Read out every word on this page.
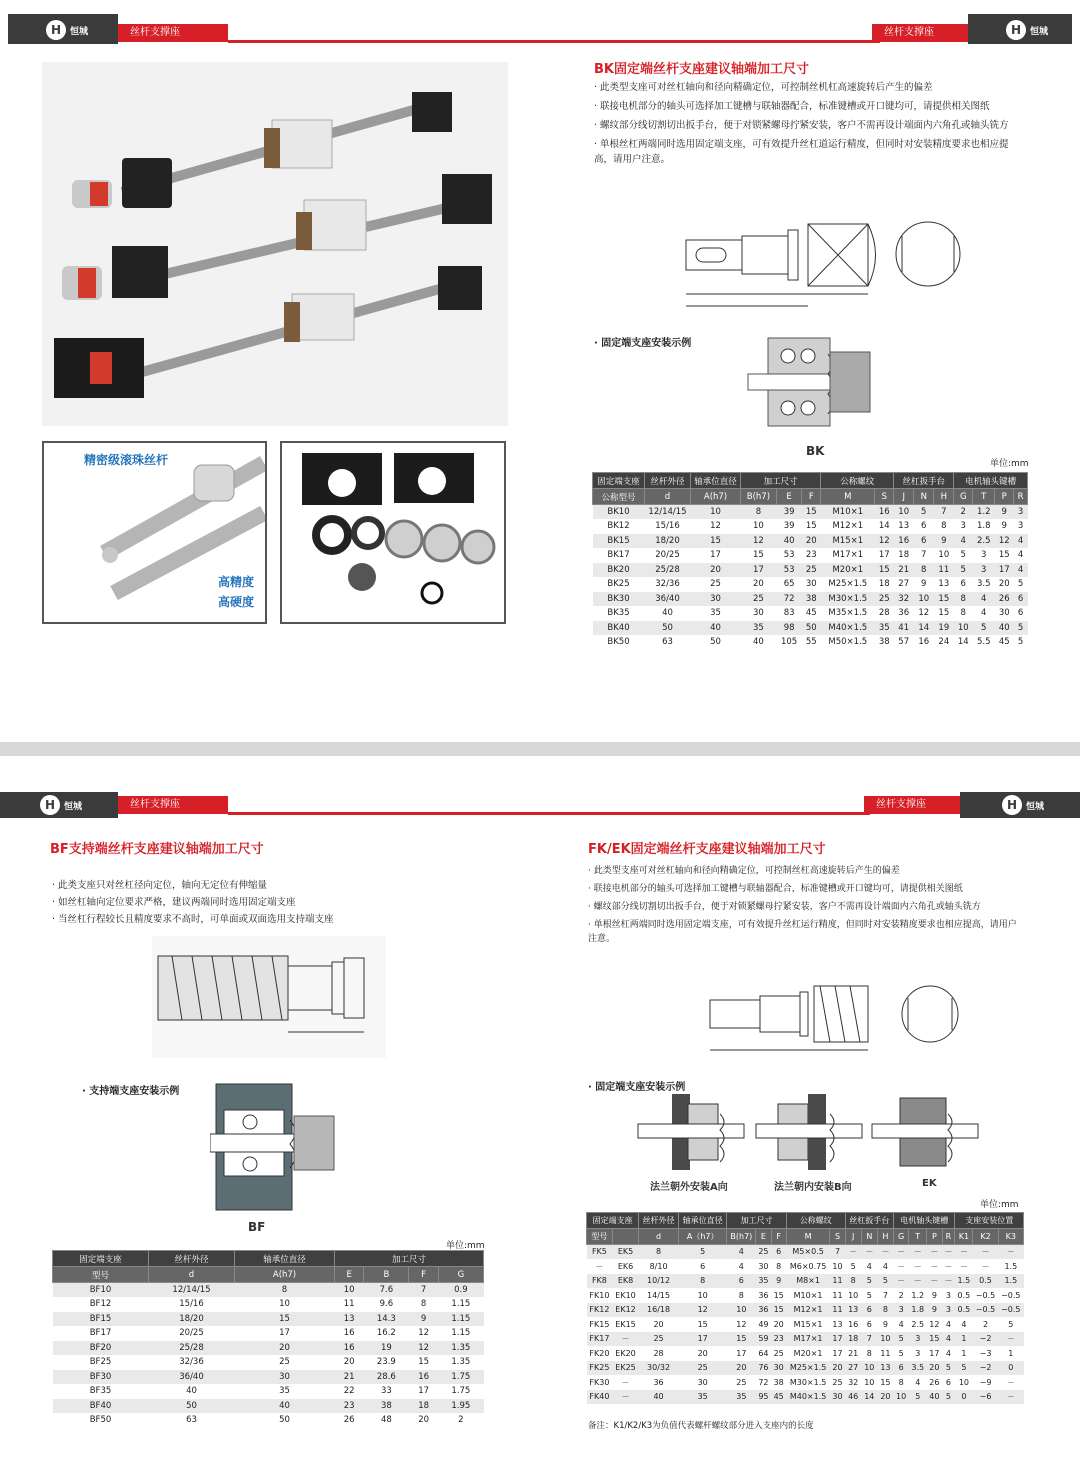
丝杆支撑座
H 恒城
精密级滚珠丝杆
高精度
高硬度
丝杆支撑座	H 恒城
BK固定端丝杆支座建议轴端加工尺寸
· 此类型支座可对丝杠轴向和径向精确定位，可控制丝机杠高速旋转后产生的偏差
· 联接电机部分的轴头可选择加工键槽与联轴器配合，标准键槽或开口键均可，请提供相关图纸
· 螺纹部分线切割切出扳手台，便于对锁紧螺母拧紧安装，客户不需再设计端面内六角孔或轴头铣方
· 单根丝杠两端同时选用固定端支座，可有效提升丝杠道运行精度，但同时对安装精度要求也相应提高，请用户注意。
· 固定端支座安装示例
BK
单位:mm
固定端支座	丝杆外径	轴承位直径	加工尺寸			公称螺纹		丝杠扳手台			电机轴头键槽			
公称型号	d	A(h7)	B(h7)	E	F	M	S	J	N	H	G	T	P	R
BK10	12/14/15	10	8	39	15	M10×1	16	10	5	7	2	1.2	9	3
BK12	15/16	12	10	39	15	M12×1	14	13	6	8	3	1.8	9	3
BK15	18/20	15	12	40	20	M15×1	12	16	6	9	4	2.5	12	4
BK17	20/25	17	15	53	23	M17×1	17	18	7	10	5	3	15	4
BK20	25/28	20	17	53	25	M20×1	15	21	8	11	5	3	17	4
BK25	32/36	25	20	65	30	M25×1.5	18	27	9	13	6	3.5	20	5
BK30	36/40	30	25	72	38	M30×1.5	25	32	10	15	8	4	26	6
BK35	40	35	30	83	45	M35×1.5	28	36	12	15	8	4	30	6
BK40	50	40	35	98	50	M40×1.5	35	41	14	19	10	5	40	5
BK50	63	50	40	105	55	M50×1.5	38	57	16	24	14	5.5	45	5
丝杆支撑座
H 恒城
BF支持端丝杆支座建议轴端加工尺寸
· 此类支座只对丝杠径向定位，轴向无定位有伸缩量
· 如丝杠轴向定位要求严格，建议两端同时选用固定端支座
· 当丝杠行程较长且精度要求不高时，可单面或双面选用支持端支座
· 支持端支座安装示例
BF
单位:mm
固定端支座	丝杆外径	轴承位直径	加工尺寸			
型号	d	A(h7)	E	B	F	G
BF10	12/14/15	8	10	7.6	7	0.9
BF12	15/16	10	11	9.6	8	1.15
BF15	18/20	15	13	14.3	9	1.15
BF17	20/25	17	16	16.2	12	1.15
BF20	25/28	20	16	19	12	1.35
BF25	32/36	25	20	23.9	15	1.35
BF30	36/40	30	21	28.6	16	1.75
BF35	40	35	22	33	17	1.75
BF40	50	40	23	38	18	1.95
BF50	63	50	26	48	20	2
丝杆支撑座	H 恒城
FK/EK固定端丝杆支座建议轴端加工尺寸
· 此类型支座可对丝杠轴向和径向精确定位，可控制丝杠高速旋转后产生的偏差
· 联接电机部分的轴头可选择加工键槽与联轴器配合，标准键槽或开口键均可，请提供相关图纸
· 螺纹部分线切割切出扳手台，便于对锁紧螺母拧紧安装，客户不需再设计端面内六角孔或轴头铣方
· 单根丝杠两端同时选用固定端支座，可有效提升丝杠运行精度，但同时对安装精度要求也相应提高，请用户注意。
· 固定端支座安装示例
法兰朝外安装A向	法兰朝内安装B向	EK
单位:mm
固定端支座		丝杆外径	轴承位直径	加工尺寸			公称螺纹		丝杠扳手台			电机轴头键槽				支座安装位置		
型号		d	A（h7）	B(h7)	E	F	M	S	J	N	H	G	T	P	R	K1	K2	K3
FK5	EK5	8	5	4	25	6	M5×0.5	7	－	－	－	－	－	－	－	－	－	－
－	EK6	8/10	6	4	30	8	M6×0.75	10	5	4	4	－	－	－	－	－	－	1.5
FK8	EK8	10/12	8	6	35	9	M8×1	11	8	5	5	－	－	－	－	1.5	0.5	1.5
FK10	EK10	14/15	10	8	36	15	M10×1	11	10	5	7	2	1.2	9	3	0.5	−0.5	−0.5
FK12	EK12	16/18	12	10	36	15	M12×1	11	13	6	8	3	1.8	9	3	0.5	−0.5	−0.5
FK15	EK15	20	15	12	49	20	M15×1	13	16	6	9	4	2.5	12	4	4	2	5
FK17	－	25	17	15	59	23	M17×1	17	18	7	10	5	3	15	4	1	−2	－
FK20	EK20	28	20	17	64	25	M20×1	17	21	8	11	5	3	17	4	1	−3	1
FK25	EK25	30/32	25	20	76	30	M25×1.5	20	27	10	13	6	3.5	20	5	5	−2	0
FK30	－	36	30	25	72	38	M30×1.5	25	32	10	15	8	4	26	6	10	−9	－
FK40	－	40	35	35	95	45	M40×1.5	30	46	14	20	10	5	40	5	0	−6	－
备注：K1/K2/K3为负值代表螺杆螺纹部分进入支座内的长度
